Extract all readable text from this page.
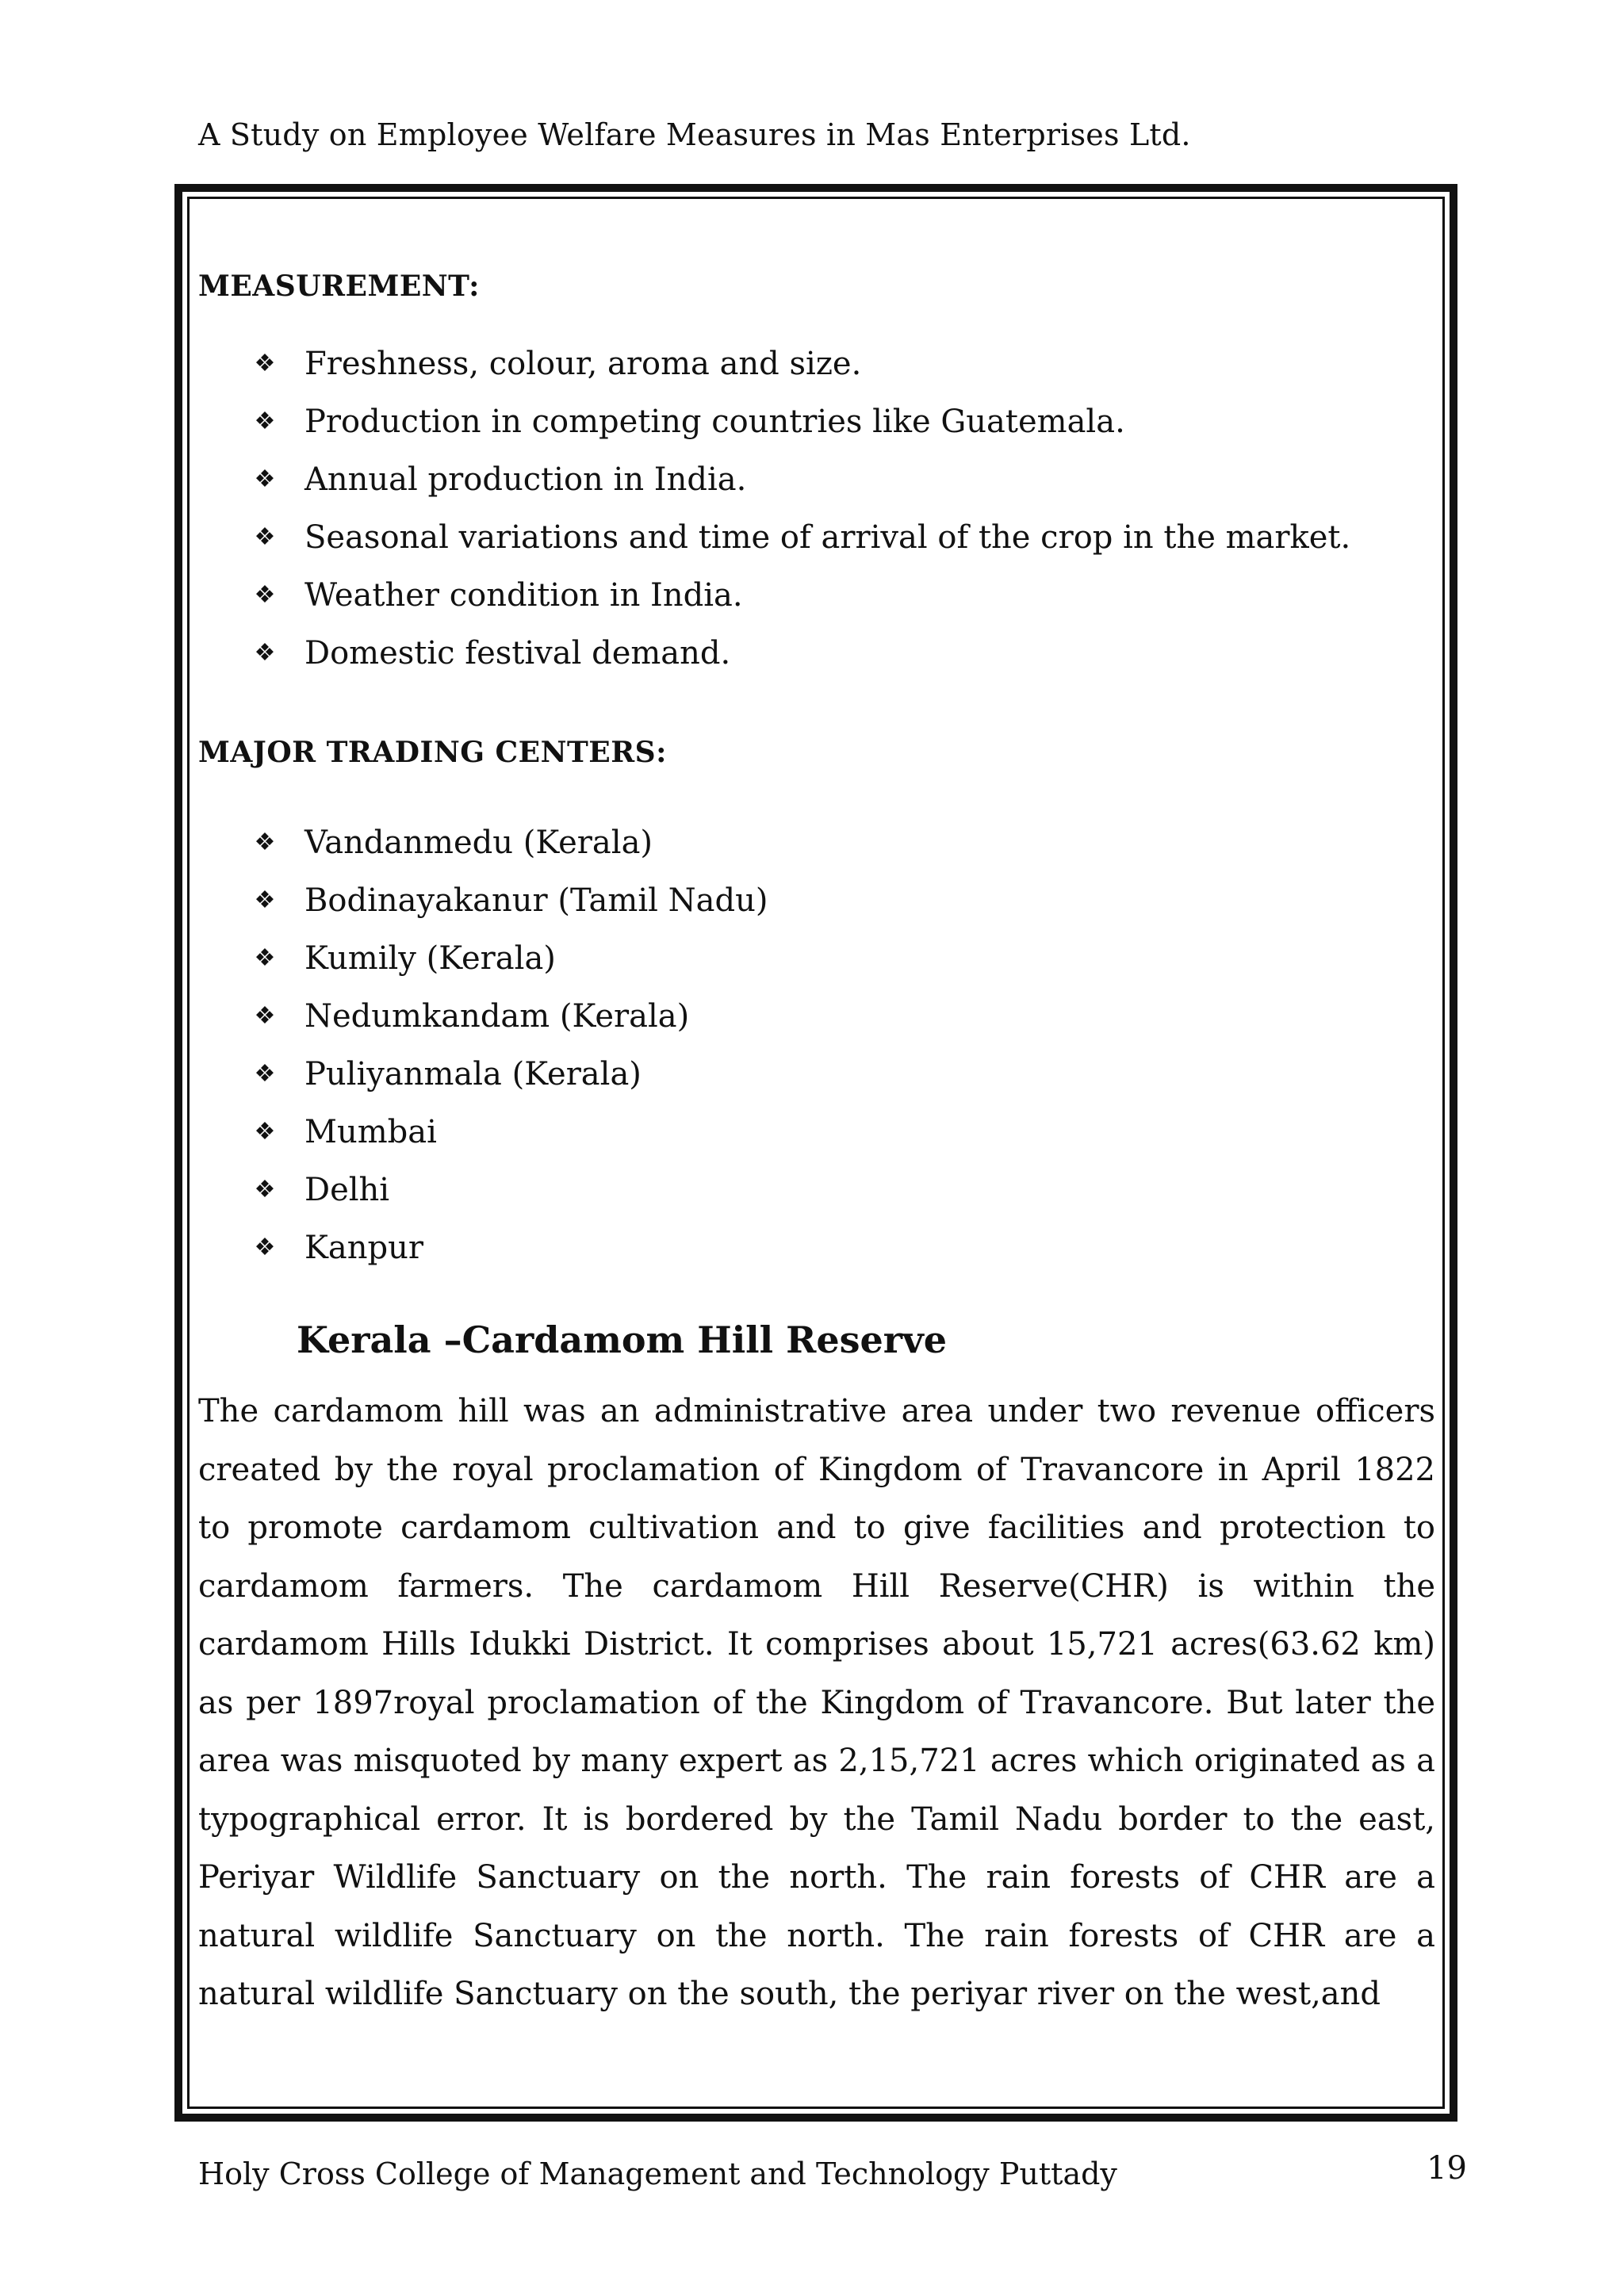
A Study on Employee Welfare Measures in Mas Enterprises Ltd.
MEASUREMENT:
❖ Freshness, colour, aroma and size.
❖ Production in competing countries like Guatemala.
❖ Annual production in India.
❖ Seasonal variations and time of arrival of the crop in the market.
❖ Weather condition in India.
❖ Domestic festival demand.
MAJOR TRADING CENTERS:
❖ Vandanmedu (Kerala)
❖ Bodinayakanur (Tamil Nadu)
❖ Kumily (Kerala)
❖ Nedumkandam (Kerala)
❖ Puliyanmala (Kerala)
❖ Mumbai
❖ Delhi
❖ Kanpur
Kerala –Cardamom Hill Reserve

The cardamom hill was an administrative area under two revenue officers created by the royal proclamation of Kingdom of Travancore in April 1822 to promote cardamom cultivation and to give facilities and protection to cardamom farmers. The cardamom Hill Reserve(CHR) is within the cardamom Hills Idukki District. It comprises about 15,721 acres(63.62 km) as per 1897royal proclamation of the Kingdom of Travancore. But later the area was misquoted by many expert as 2,15,721 acres which originated as a typographical error. It is bordered by the Tamil Nadu border to the east, Periyar Wildlife Sanctuary on the north. The rain forests of CHR are a natural wildlife Sanctuary on the north. The rain forests of CHR are a natural wildlife Sanctuary on the south, the periyar river on the west,and

Holy Cross College of Management and Technology Puttady	19
